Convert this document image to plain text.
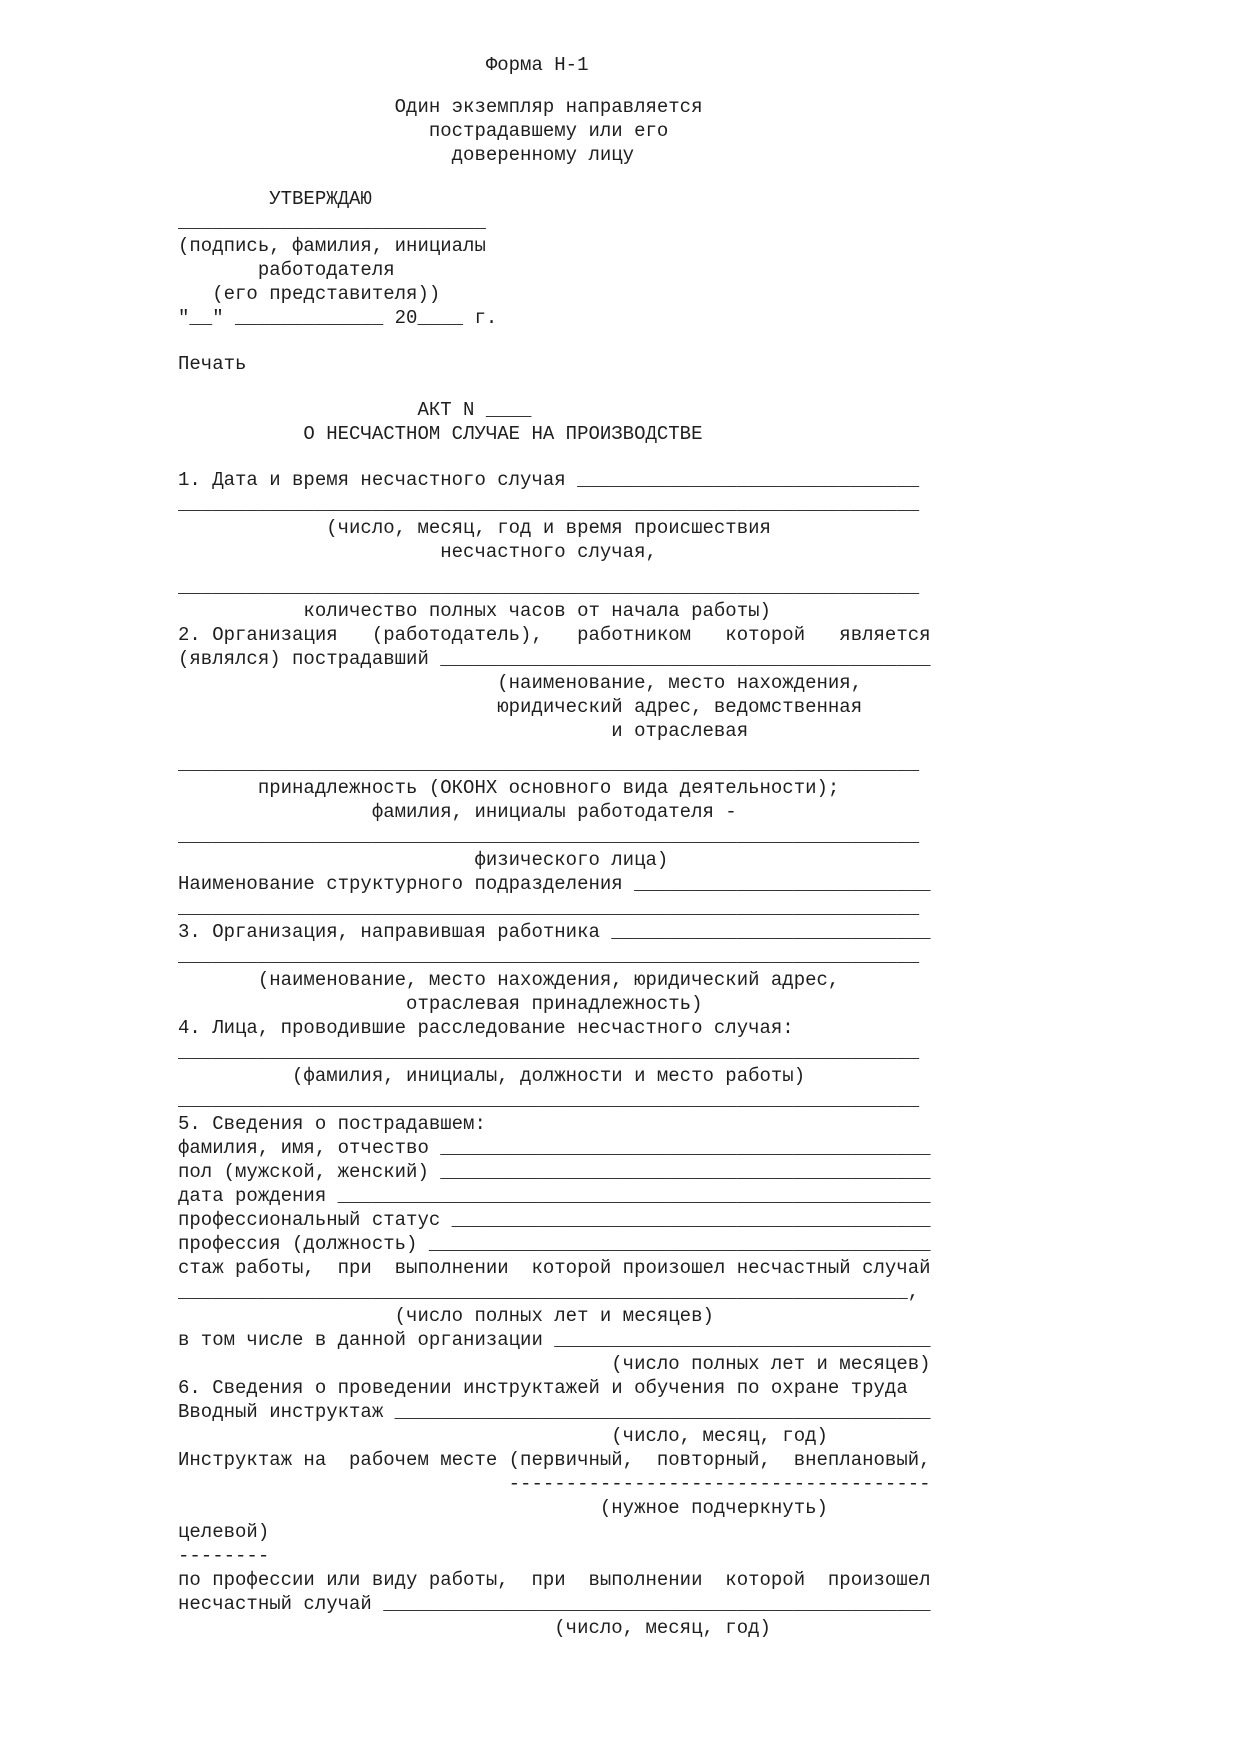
Форма Н-1
Один экземпляр направляется
пострадавшему или его
доверенному лицу
УТВЕРЖДАЮ
___________________________
(подпись, фамилия, инициалы
работодателя
(его представителя))
"__" _____________ 20____ г.
Печать
АКТ N ____
О НЕСЧАСТНОМ СЛУЧАЕ НА ПРОИЗВОДСТВЕ
1. Дата и время несчастного случая ______________________________
_________________________________________________________________
(число, месяц, год и время происшествия
несчастного случая,
_________________________________________________________________
количество полных часов от начала работы)
2. Организация   (работодатель),   работником   которой   является
(являлся) пострадавший ___________________________________________
(наименование, место нахождения,
юридический адрес, ведомственная
и отраслевая
_________________________________________________________________
принадлежность (ОКОНХ основного вида деятельности);
фамилия, инициалы работодателя -
_________________________________________________________________
физического лица)
Наименование структурного подразделения __________________________
_________________________________________________________________
3. Организация, направившая работника ____________________________
_________________________________________________________________
(наименование, место нахождения, юридический адрес,
отраслевая принадлежность)
4. Лица, проводившие расследование несчастного случая:
_________________________________________________________________
(фамилия, инициалы, должности и место работы)
_________________________________________________________________
5. Сведения о пострадавшем:
фамилия, имя, отчество ___________________________________________
пол (мужской, женский) ___________________________________________
дата рождения ____________________________________________________
профессиональный статус __________________________________________
профессия (должность) ____________________________________________
стаж работы,  при  выполнении  которой произошел несчастный случай
________________________________________________________________,
(число полных лет и месяцев)
в том числе в данной организации _________________________________
(число полных лет и месяцев)
6. Сведения о проведении инструктажей и обучения по охране труда
Вводный инструктаж _______________________________________________
(число, месяц, год)
Инструктаж на  рабочем месте (первичный,  повторный,  внеплановый,
-------------------------------------
(нужное подчеркнуть)
целевой)
--------
по профессии или виду работы,  при  выполнении  которой  произошел
несчастный случай ________________________________________________
(число, месяц, год)
